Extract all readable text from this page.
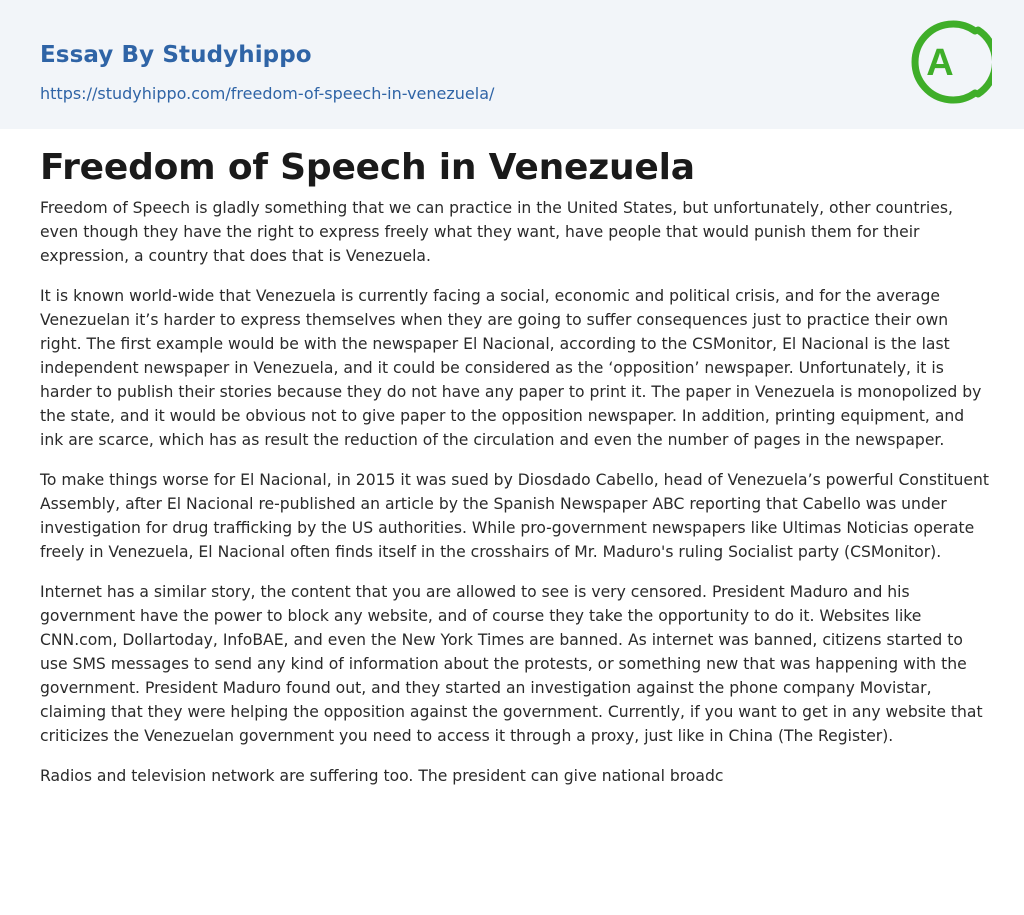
Essay By Studyhippo
https://studyhippo.com/freedom-of-speech-in-venezuela/
A
Freedom of Speech in Venezuela

Freedom of Speech is gladly something that we can practice in the United States, but unfortunately, other countries, even though they have the right to express freely what they want, have people that would punish them for their expression, a country that does that is Venezuela.

It is known world-wide that Venezuela is currently facing a social, economic and political crisis, and for the average Venezuelan it’s harder to express themselves when they are going to suffer consequences just to practice their own right. The first example would be with the newspaper El Nacional, according to the CSMonitor, El Nacional is the last independent newspaper in Venezuela, and it could be considered as the ‘opposition’ newspaper. Unfortunately, it is harder to publish their stories because they do not have any paper to print it. The paper in Venezuela is monopolized by the state, and it would be obvious not to give paper to the opposition newspaper. In addition, printing equipment, and ink are scarce, which has as result the reduction of the circulation and even the number of pages in the newspaper.

To make things worse for El Nacional, in 2015 it was sued by Diosdado Cabello, head of Venezuela’s powerful Constituent Assembly, after El Nacional re-published an article by the Spanish Newspaper ABC reporting that Cabello was under investigation for drug trafficking by the US authorities. While pro-government newspapers like Ultimas Noticias operate freely in Venezuela, El Nacional often finds itself in the crosshairs of Mr. Maduro's ruling Socialist party (CSMonitor).

Internet has a similar story, the content that you are allowed to see is very censored. President Maduro and his government have the power to block any website, and of course they take the opportunity to do it. Websites like CNN.com, Dollartoday, InfoBAE, and even the New York Times are banned. As internet was banned, citizens started to use SMS messages to send any kind of information about the protests, or something new that was happening with the government. President Maduro found out, and they started an investigation against the phone company Movistar, claiming that they were helping the opposition against the government. Currently, if you want to get in any website that criticizes the Venezuelan government you need to access it through a proxy, just like in China (The Register).

Radios and television network are suffering too. The president can give national broadc
